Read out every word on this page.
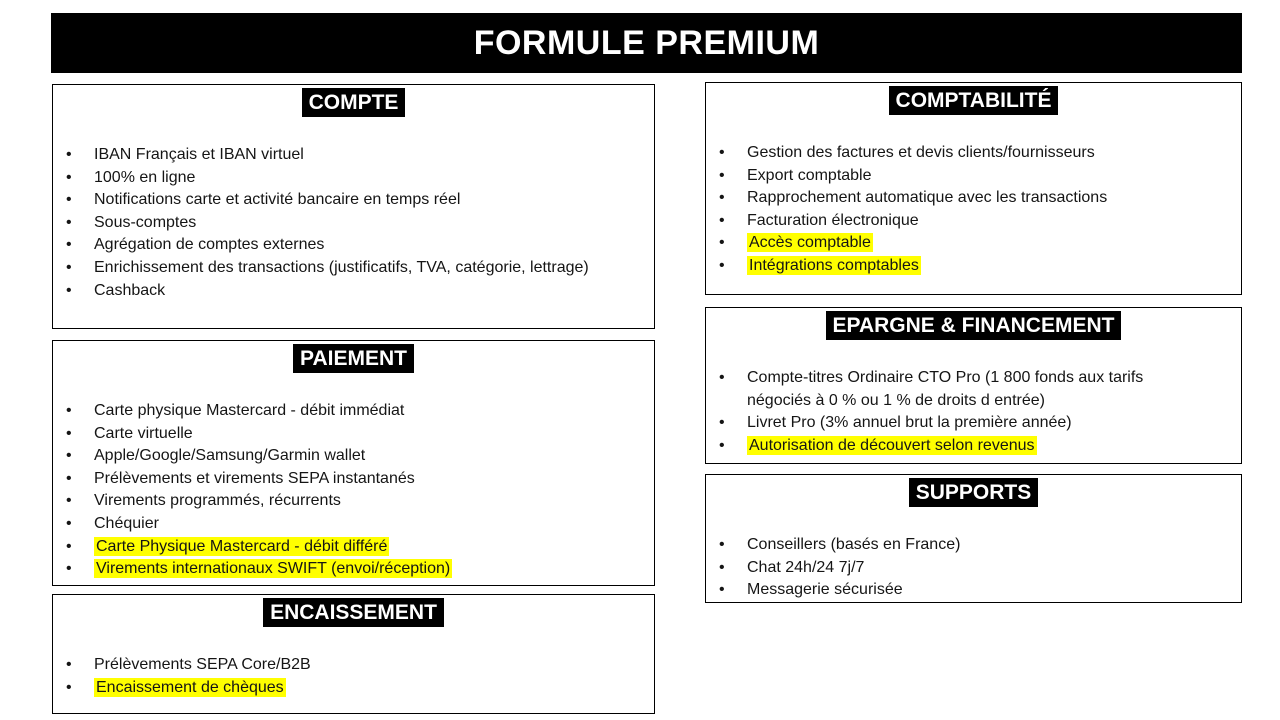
FORMULE PREMIUM
COMPTE
• IBAN Français et IBAN virtuel
• 100% en ligne
• Notifications carte et activité bancaire en temps réel
• Sous-comptes
• Agrégation de comptes externes
• Enrichissement des transactions (justificatifs, TVA, catégorie, lettrage)
• Cashback
PAIEMENT
• Carte physique Mastercard - débit immédiat
• Carte virtuelle
• Apple/Google/Samsung/Garmin wallet
• Prélèvements et virements SEPA instantanés
• Virements programmés, récurrents
• Chéquier
• Carte Physique Mastercard - débit différé
• Virements internationaux SWIFT (envoi/réception)
ENCAISSEMENT
• Prélèvements SEPA Core/B2B
• Encaissement de chèques
COMPTABILITÉ
• Gestion des factures et devis clients/fournisseurs
• Export comptable
• Rapprochement automatique avec les transactions
• Facturation électronique
• Accès comptable
• Intégrations comptables
EPARGNE & FINANCEMENT
• Compte-titres Ordinaire CTO Pro (1 800 fonds aux tarifs négociés à 0 % ou 1 % de droits d entrée)
• Livret Pro (3% annuel brut la première année)
• Autorisation de découvert selon revenus
SUPPORTS
• Conseillers (basés en France)
• Chat 24h/24 7j/7
• Messagerie sécurisée
